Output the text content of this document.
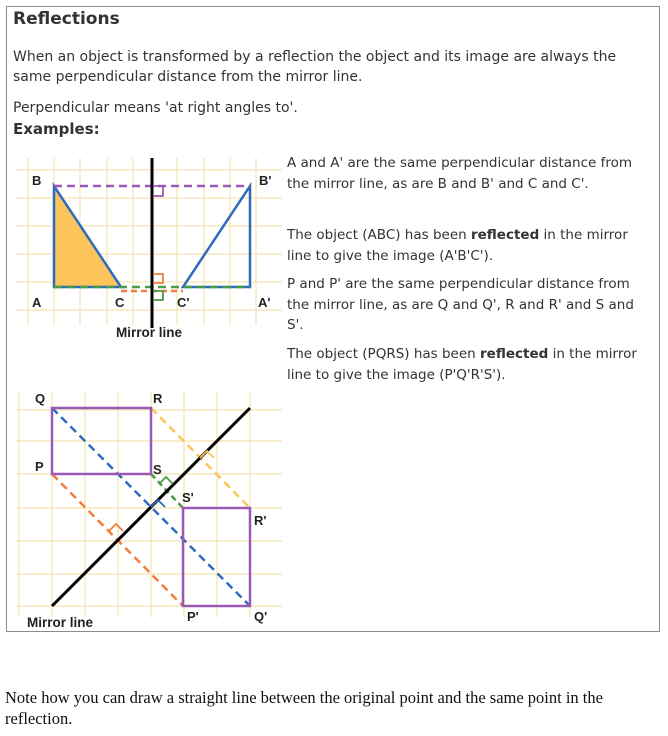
Reflections
When an object is transformed by a reflection the object and its image are always the same perpendicular distance from the mirror line.
Perpendicular means 'at right angles to'.
Examples:
B	B'
A	C	C'	A'
Mirror line
Q	R
P	S
S'
R'
P'	Q'
Mirror line
A and A' are the same perpendicular distance from the mirror line, as are B and B' and C and C'.
The object (ABC) has been reflected in the mirror line to give the image (A'B'C').
P and P' are the same perpendicular distance from the mirror line, as are Q and Q', R and R' and S and S'.
The object (PQRS) has been reflected in the mirror line to give the image (P'Q'R'S').
Note how you can draw a straight line between the original point and the same point in the reflection.
